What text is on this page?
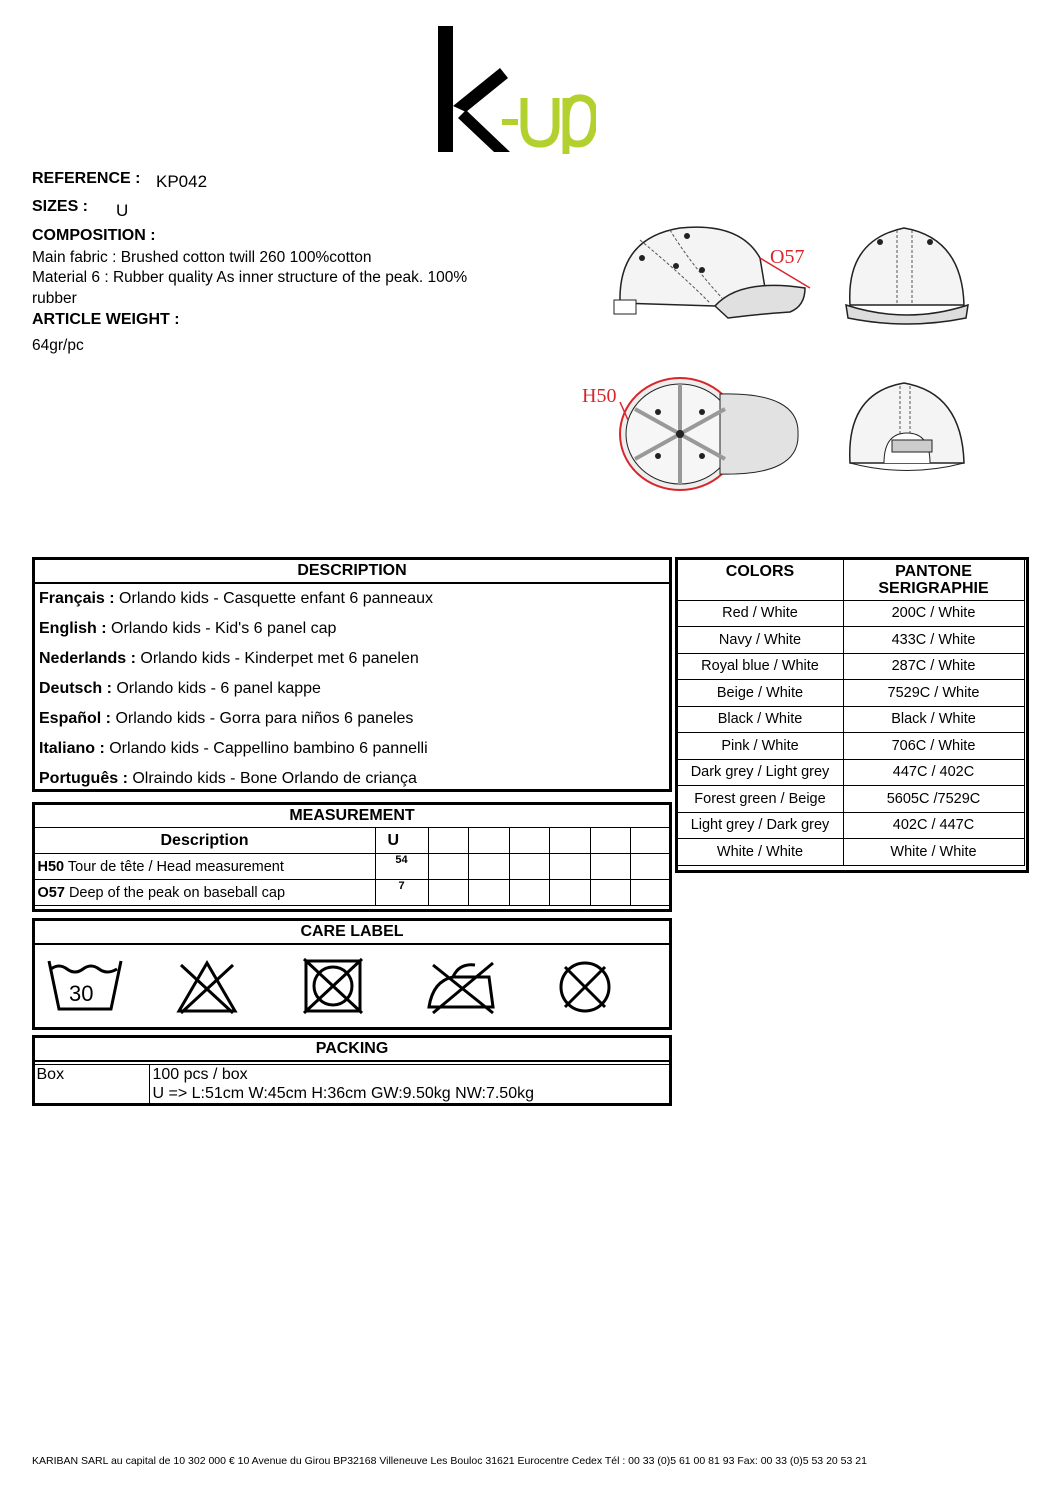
REFERENCE : KP042
SIZES : U
COMPOSITION :
Main fabric : Brushed cotton twill 260 100%cotton
Material 6 : Rubber quality As inner structure of the peak. 100%
rubber
ARTICLE WEIGHT :
64gr/pc
O57
H50
DESCRIPTION
Français : Orlando kids - Casquette enfant 6 panneaux
English : Orlando kids - Kid's 6 panel cap
Nederlands : Orlando kids - Kinderpet met 6 panelen
Deutsch : Orlando kids - 6 panel kappe
Español : Orlando kids - Gorra para niños 6 paneles
Italiano : Orlando kids - Cappellino bambino 6 pannelli
Português : Olraindo kids - Bone Orlando de criança
COLORS	PANTONE
SERIGRAPHIE

Red / White	200C / White
Navy / White	433C / White
Royal blue / White	287C / White
Beige / White	7529C / White
Black / White	Black / White
Pink / White	706C / White
Dark grey / Light grey	447C / 402C
Forest green / Beige	5605C /7529C
Light grey / Dark grey	402C / 447C
White / White	White / White
MEASUREMENT
Description	U						
H50 Tour de tête / Head measurement	54						
O57 Deep of the peak on baseball cap	7						
CARE LABEL
30
PACKING
Box	100 pcs / box
U => L:51cm W:45cm H:36cm GW:9.50kg NW:7.50kg
KARIBAN SARL au capital de 10 302 000 € 10 Avenue du Girou BP32168 Villeneuve Les Bouloc 31621 Eurocentre Cedex Tél : 00 33 (0)5 61 00 81 93 Fax: 00 33 (0)5 53 20 53 21
